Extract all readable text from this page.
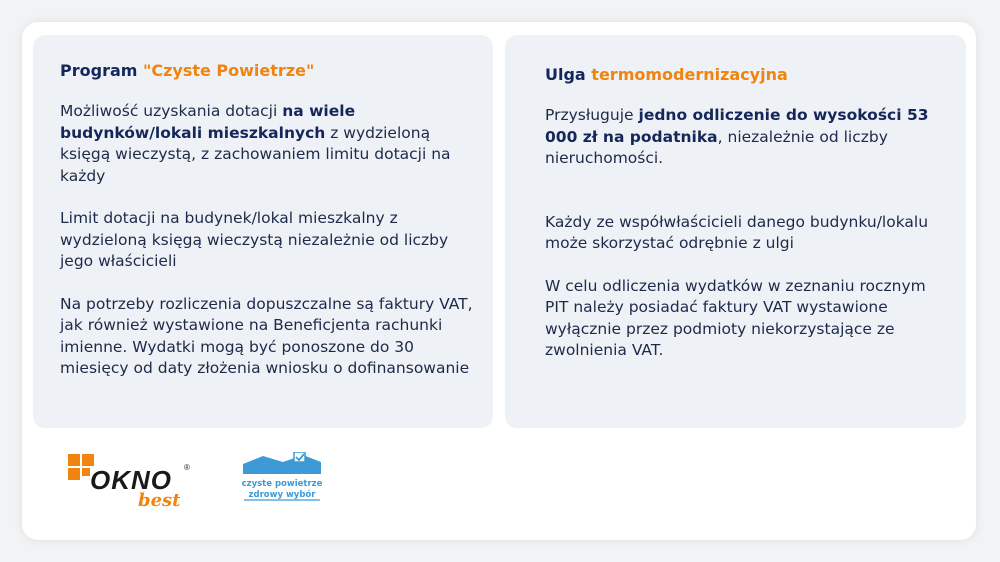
Program "Czyste Powietrze"

Możliwość uzyskania dotacji na wiele budynków/lokali mieszkalnych z wydzieloną księgą wieczystą, z zachowaniem limitu dotacji na każdy

Limit dotacji na budynek/lokal mieszkalny z wydzieloną księgą wieczystą niezależnie od liczby jego właścicieli

Na potrzeby rozliczenia dopuszczalne są faktury VAT, jak również wystawione na Beneficjenta rachunki imienne. Wydatki mogą być ponoszone do 30 miesięcy od daty złożenia wniosku o dofinansowanie

Ulga termomodernizacyjna

Przysługuje jedno odliczenie do wysokości 53 000 zł na podatnika, niezależnie od liczby nieruchomości.

Każdy ze współwłaścicieli danego budynku/lokalu może skorzystać odrębnie z ulgi

W celu odliczenia wydatków w zeznaniu rocznym PIT należy posiadać faktury VAT wystawione wyłącznie przez podmioty niekorzystające ze zwolnienia VAT.

OKNO ®
best
czyste powietrze
zdrowy wybór
